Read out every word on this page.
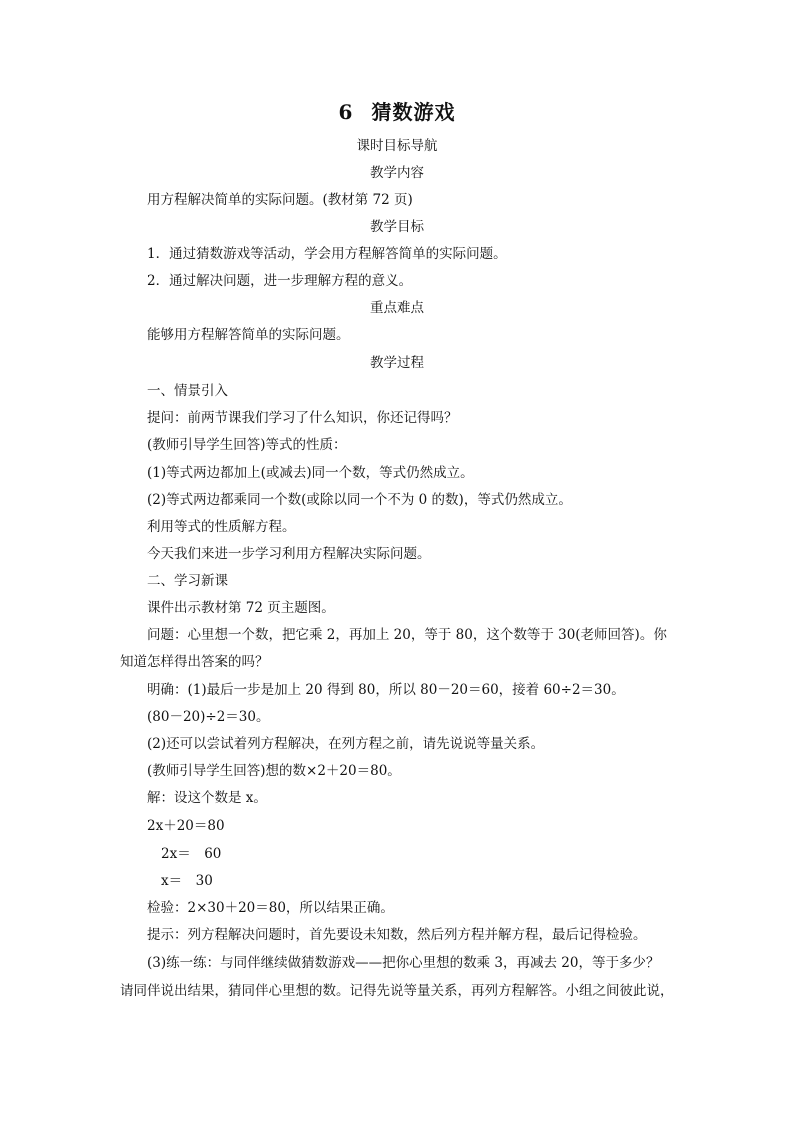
6 猜数游戏
课时目标导航
教学内容
用方程解决简单的实际问题。(教材第 72 页)
教学目标
1．通过猜数游戏等活动，学会用方程解答简单的实际问题。
2．通过解决问题，进一步理解方程的意义。
重点难点
能够用方程解答简单的实际问题。
教学过程
一、情景引入
提问：前两节课我们学习了什么知识，你还记得吗？
(教师引导学生回答)等式的性质：
(1)等式两边都加上(或减去)同一个数，等式仍然成立。
(2)等式两边都乘同一个数(或除以同一个不为 0 的数)，等式仍然成立。
利用等式的性质解方程。
今天我们来进一步学习利用方程解决实际问题。
二、学习新课
课件出示教材第 72 页主题图。
问题：心里想一个数，把它乘 2，再加上 20，等于 80，这个数等于 30(老师回答)。你
知道怎样得出答案的吗？
明确：(1)最后一步是加上 20 得到 80，所以 80－20＝60，接着 60÷2＝30。
(80－20)÷2＝30。
(2)还可以尝试着列方程解决，在列方程之前，请先说说等量关系。
(教师引导学生回答)想的数×2＋20＝80。
解：设这个数是 x。
2x＋20＝80
2x＝　60
x＝　30
检验：2×30＋20＝80，所以结果正确。
提示：列方程解决问题时，首先要设未知数，然后列方程并解方程，最后记得检验。
(3)练一练：与同伴继续做猜数游戏——把你心里想的数乘 3，再减去 20，等于多少？
请同伴说出结果，猜同伴心里想的数。记得先说等量关系，再列方程解答。小组之间彼此说，
